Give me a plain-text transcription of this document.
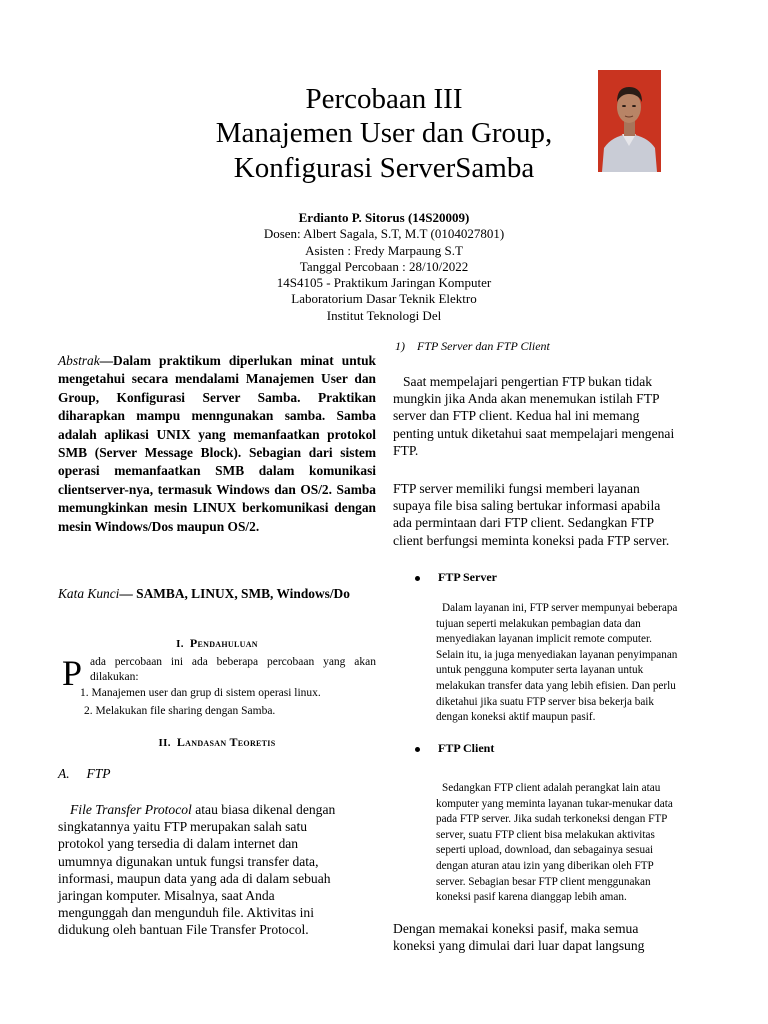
Percobaan III
Manajemen User dan Group,
Konfigurasi ServerSamba
Erdianto P. Sitorus (14S20009)
Dosen: Albert Sagala, S.T, M.T (0104027801)
Asisten : Fredy Marpaung S.T
Tanggal Percobaan : 28/10/2022
14S4105 - Praktikum Jaringan Komputer
Laboratorium Dasar Teknik Elektro
Institut Teknologi Del
Abstrak—Dalam praktikum diperlukan minat untuk mengetahui secara mendalami Manajemen User dan Group, Konfigurasi Server Samba. Praktikan diharapkan mampu menngunakan samba. Samba adalah aplikasi UNIX yang memanfaatkan protokol SMB (Server Message Block). Sebagian dari sistem operasi memanfaatkan SMB dalam komunikasi clientserver-nya, termasuk Windows dan OS/2. Samba memungkinkan mesin LINUX berkomunikasi dengan mesin Windows/Dos maupun OS/2.
Kata Kunci— SAMBA, LINUX, SMB, Windows/Do
I. Pendahuluan
P ada percobaan ini ada beberapa percobaan yang akan
dilakukan:
1. Manajemen user dan grup di sistem operasi linux.
2. Melakukan file sharing dengan Samba.
II. Landasan Teoretis
A. FTP
File Transfer Protocol atau biasa dikenal dengan
singkatannya yaitu FTP merupakan salah satu
protokol yang tersedia di dalam internet dan
umumnya digunakan untuk fungsi transfer data,
informasi, maupun data yang ada di dalam sebuah
jaringan komputer. Misalnya, saat Anda
mengunggah dan mengunduh file. Aktivitas ini
didukung oleh bantuan File Transfer Protocol.
1) FTP Server dan FTP Client
Saat mempelajari pengertian FTP bukan tidak
mungkin jika Anda akan menemukan istilah FTP
server dan FTP client. Kedua hal ini memang
penting untuk diketahui saat mempelajari mengenai
FTP.
FTP server memiliki fungsi memberi layanan
supaya file bisa saling bertukar informasi apabila
ada permintaan dari FTP client. Sedangkan FTP
client berfungsi meminta koneksi pada FTP server.
FTP Server
Dalam layanan ini, FTP server mempunyai beberapa
tujuan seperti melakukan pembagian data dan
menyediakan layanan implicit remote computer.
Selain itu, ia juga menyediakan layanan penyimpanan
untuk pengguna komputer serta layanan untuk
melakukan transfer data yang lebih efisien. Dan perlu
diketahui jika suatu FTP server bisa bekerja baik
dengan koneksi aktif maupun pasif.
FTP Client
Sedangkan FTP client adalah perangkat lain atau
komputer yang meminta layanan tukar-menukar data
pada FTP server. Jika sudah terkoneksi dengan FTP
server, suatu FTP client bisa melakukan aktivitas
seperti upload, download, dan sebagainya sesuai
dengan aturan atau izin yang diberikan oleh FTP
server. Sebagian besar FTP client menggunakan
koneksi pasif karena dianggap lebih aman.
Dengan memakai koneksi pasif, maka semua
koneksi yang dimulai dari luar dapat langsung
